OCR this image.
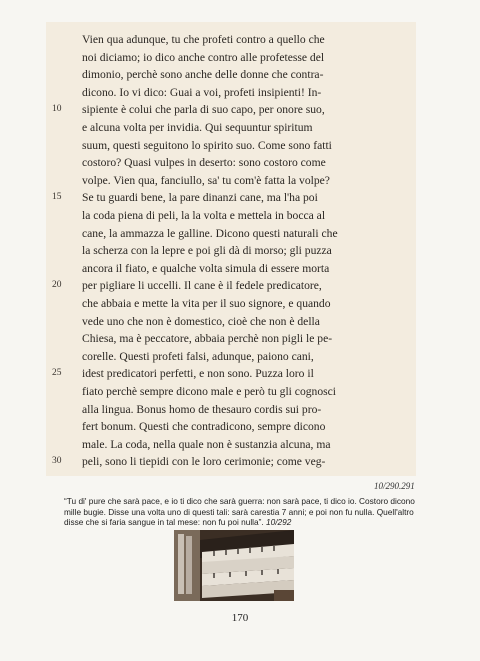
Vien qua adunque, tu che profeti contro a quello che
noi diciamo; io dico anche contro alle profetesse del
dimonio, perchè sono anche delle donne che contra-
dicono. Io vi dico: Guai a voi, profeti insipienti! In-
sipiente è colui che parla di suo capo, per onore suo,
e alcuna volta per invidia. Qui sequuntur spiritum
suum, questi seguitono lo spirito suo. Come sono fatti
costoro? Quasi vulpes in deserto: sono costoro come
volpe. Vien qua, fanciullo, sa' tu com'è fatta la volpe?
Se tu guardi bene, la pare dinanzi cane, ma l'ha poi
la coda piena di peli, la la volta e mettela in bocca al
cane, la ammazza le galline. Dicono questi naturali che
la scherza con la lepre e poi gli dà di morso; gli puzza
ancora il fiato, e qualche volta simula di essere morta
per pigliare li uccelli. Il cane è il fedele predicatore,
che abbaia e mette la vita per il suo signore, e quando
vede uno che non è domestico, cioè che non è della
Chiesa, ma è peccatore, abbaia perchè non pigli le pe-
corelle. Questi profeti falsi, adunque, paiono cani,
idest predicatori perfetti, e non sono. Puzza loro il
fiato perchè sempre dicono male e però tu gli cognosci
alla lingua. Bonus homo de thesauro cordis sui pro-
fert bonum. Questi che contradicono, sempre dicono
male. La coda, nella quale non è sustanzia alcuna, ma
peli, sono li tiepidi con le loro cerimonie; come veg-
10
15
20
25
30
10/290.291
“Tu di' pure che sarà pace, e io ti dico che sarà guerra: non sarà pace, ti dico io. Costoro dicono mille bugie. Disse una volta uno di questi tali: sarà carestia 7 anni; e poi non fu nulla. Quell'altro disse che si faria sangue in tal mese: non fu poi nulla”. 10/292
170
